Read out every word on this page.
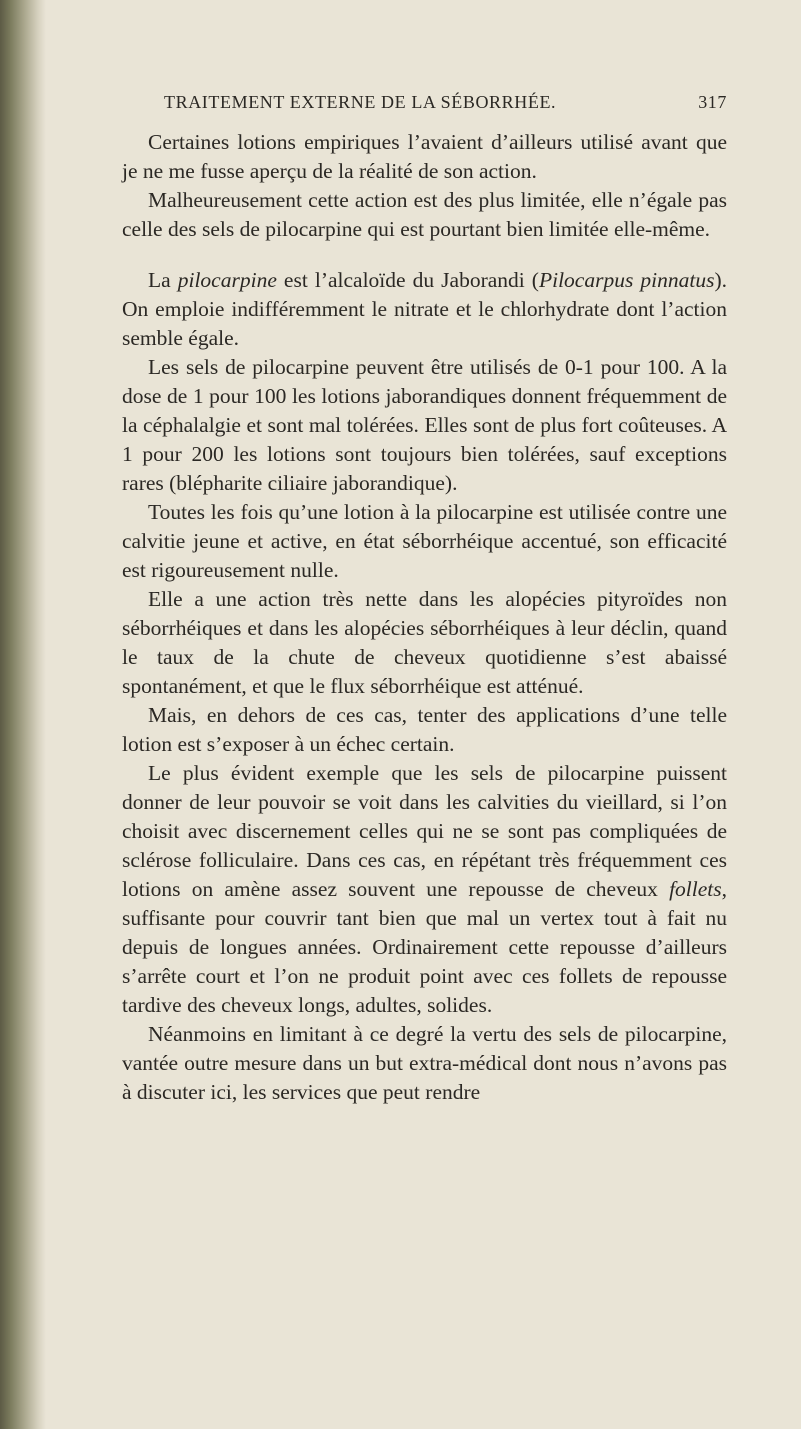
TRAITEMENT EXTERNE DE LA SÉBORRHÉE.	317

Certaines lotions empiriques l’avaient d’ailleurs utilisé avant que je ne me fusse aperçu de la réalité de son action.

Malheureusement cette action est des plus limitée, elle n’égale pas celle des sels de pilocarpine qui est pourtant bien limitée elle-même.

La pilocarpine est l’alcaloïde du Jaborandi (Pilocarpus pinnatus). On emploie indifféremment le nitrate et le chlorhydrate dont l’action semble égale.

Les sels de pilocarpine peuvent être utilisés de 0-1 pour 100. A la dose de 1 pour 100 les lotions jaborandiques donnent fréquemment de la céphalalgie et sont mal tolérées. Elles sont de plus fort coûteuses. A 1 pour 200 les lotions sont toujours bien tolérées, sauf exceptions rares (blépharite ciliaire jaborandique).

Toutes les fois qu’une lotion à la pilocarpine est utilisée contre une calvitie jeune et active, en état séborrhéique accentué, son efficacité est rigoureusement nulle.

Elle a une action très nette dans les alopécies pityroïdes non séborrhéiques et dans les alopécies séborrhéiques à leur déclin, quand le taux de la chute de cheveux quotidienne s’est abaissé spontanément, et que le flux séborrhéique est atténué.

Mais, en dehors de ces cas, tenter des applications d’une telle lotion est s’exposer à un échec certain.

Le plus évident exemple que les sels de pilocarpine puissent donner de leur pouvoir se voit dans les calvities du vieillard, si l’on choisit avec discernement celles qui ne se sont pas compliquées de sclérose folliculaire. Dans ces cas, en répétant très fréquemment ces lotions on amène assez souvent une repousse de cheveux follets, suffisante pour couvrir tant bien que mal un vertex tout à fait nu depuis de longues années. Ordinairement cette repousse d’ailleurs s’arrête court et l’on ne produit point avec ces follets de repousse tardive des cheveux longs, adultes, solides.

Néanmoins en limitant à ce degré la vertu des sels de pilocarpine, vantée outre mesure dans un but extra-médical dont nous n’avons pas à discuter ici, les services que peut rendre
